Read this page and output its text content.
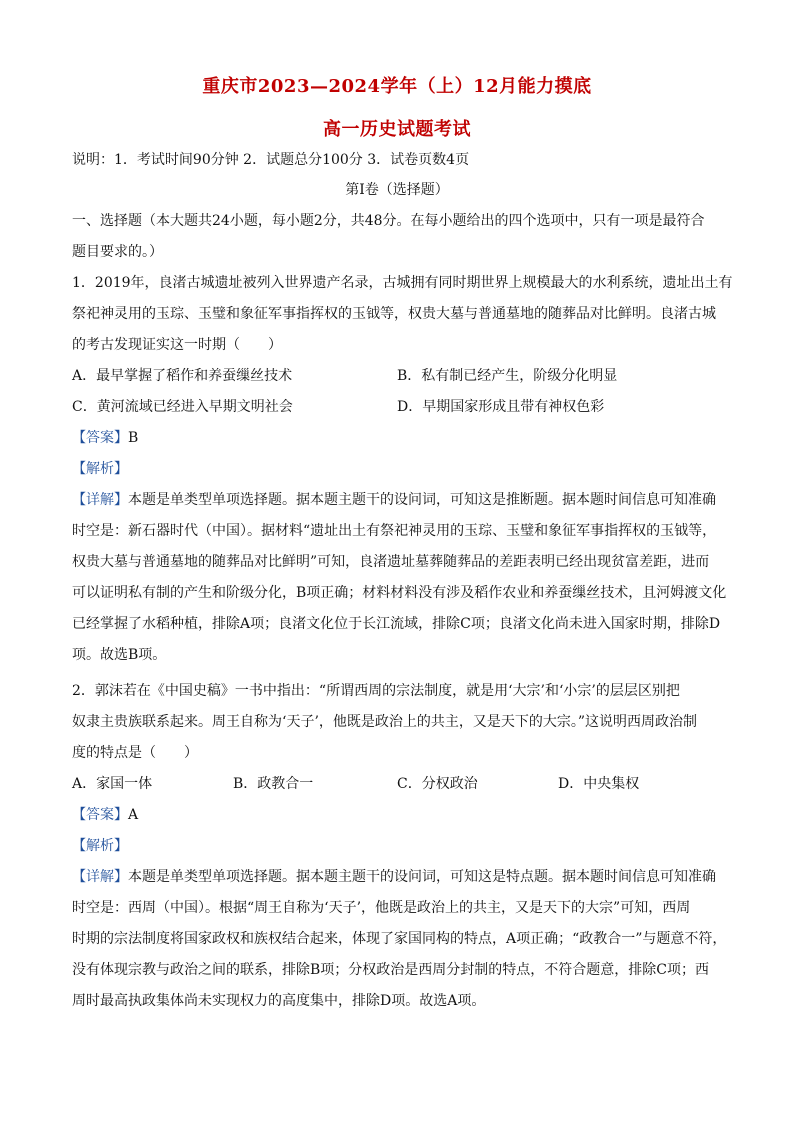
重庆市2023—2024学年（上）12月能力摸底
高一历史试题考试
说明：1．考试时间90分钟 2．试题总分100分 3．试卷页数4页
第Ⅰ卷（选择题）
一、选择题（本大题共24小题，每小题2分，共48分。在每小题给出的四个选项中，只有一项是最符合
题目要求的。）
1．2019年，良渚古城遗址被列入世界遗产名录，古城拥有同时期世界上规模最大的水利系统，遗址出土有
祭祀神灵用的玉琮、玉璧和象征军事指挥权的玉钺等，权贵大墓与普通墓地的随葬品对比鲜明。良渚古城
的考古发现证实这一时期（　　）
A．最早掌握了稻作和养蚕缫丝技术	B．私有制已经产生，阶级分化明显
C．黄河流域已经进入早期文明社会	D．早期国家形成且带有神权色彩
【答案】B
【解析】
【详解】本题是单类型单项选择题。据本题主题干的设问词，可知这是推断题。据本题时间信息可知准确
时空是：新石器时代（中国）。据材料“遗址出土有祭祀神灵用的玉琮、玉璧和象征军事指挥权的玉钺等，
权贵大墓与普通墓地的随葬品对比鲜明”可知，良渚遗址墓葬随葬品的差距表明已经出现贫富差距，进而
可以证明私有制的产生和阶级分化，B项正确；材料材料没有涉及稻作农业和养蚕缫丝技术，且河姆渡文化
已经掌握了水稻种植，排除A项；良渚文化位于长江流域，排除C项；良渚文化尚未进入国家时期，排除D
项。故选B项。
2．郭沫若在《中国史稿》一书中指出：“所谓西周的宗法制度，就是用‘大宗’和‘小宗’的层层区别把
奴隶主贵族联系起来。周王自称为‘天子’，他既是政治上的共主，又是天下的大宗。”这说明西周政治制
度的特点是（　　）
A．家国一体	B．政教合一	C．分权政治	D．中央集权
【答案】A
【解析】
【详解】本题是单类型单项选择题。据本题主题干的设问词，可知这是特点题。据本题时间信息可知准确
时空是：西周（中国）。根据“周王自称为‘天子’，他既是政治上的共主，又是天下的大宗”可知，西周
时期的宗法制度将国家政权和族权结合起来，体现了家国同构的特点，A项正确；“政教合一”与题意不符，
没有体现宗教与政治之间的联系，排除B项；分权政治是西周分封制的特点，不符合题意，排除C项；西
周时最高执政集体尚未实现权力的高度集中，排除D项。故选A项。
